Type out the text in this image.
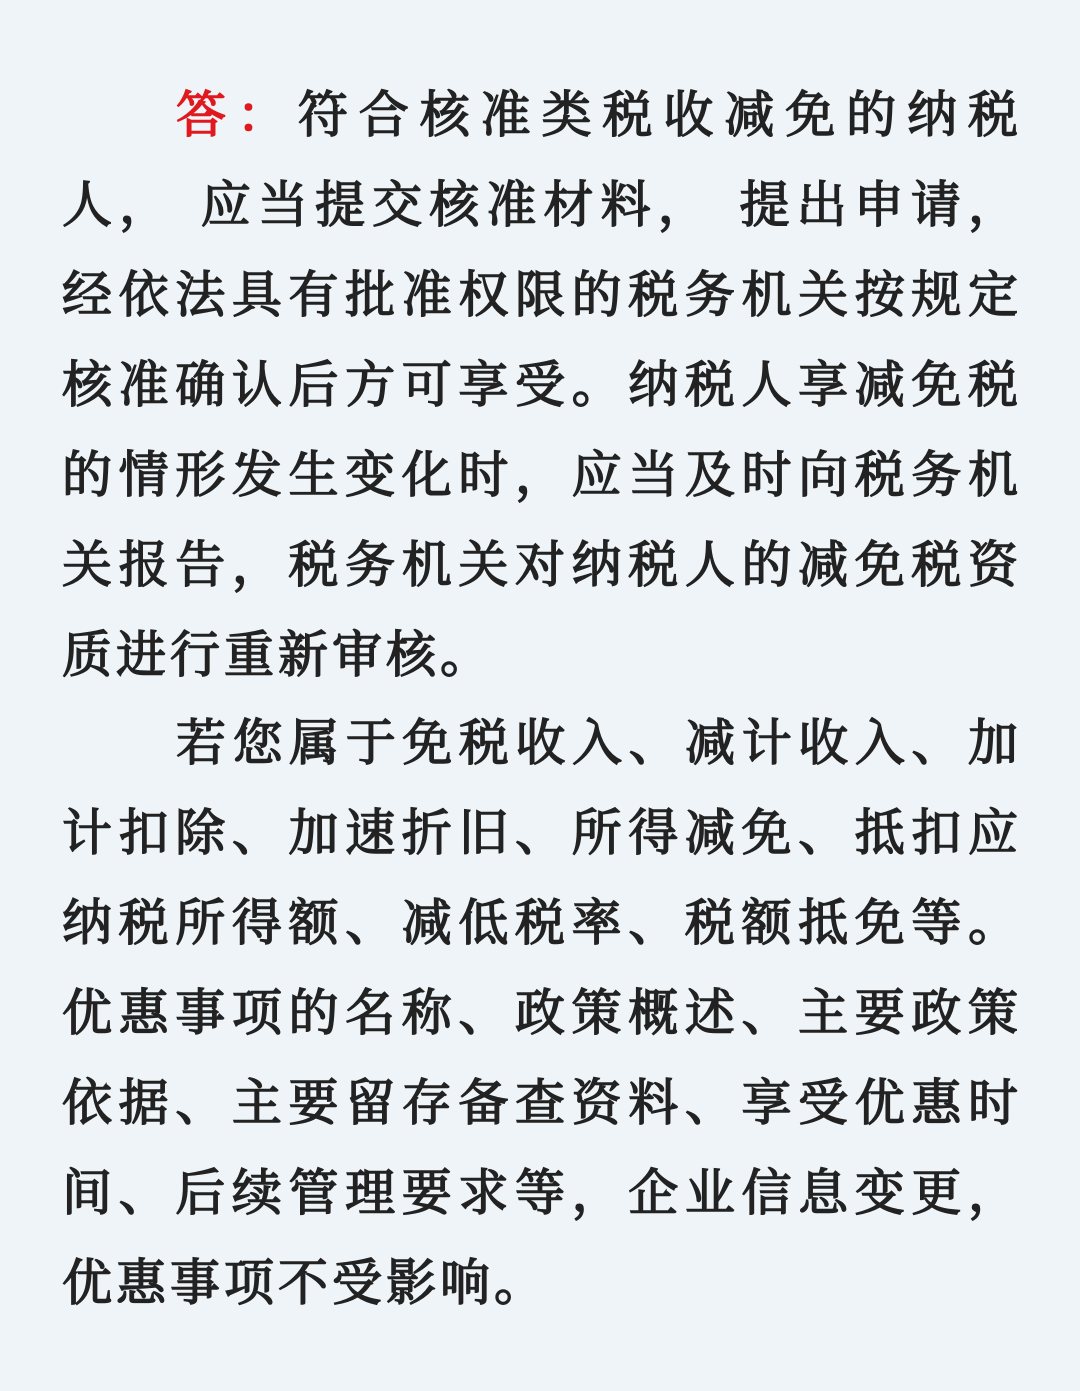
答：符合核准类税收减免的纳税
人， 应当提交核准材料， 提出申请，
经依法具有批准权限的税务机关按规定
核准确认后方可享受。纳税人享减免税
的情形发生变化时，应当及时向税务机
关报告，税务机关对纳税人的减免税资
质进行重新审核。
若您属于免税收入、减计收入、加
计扣除、加速折旧、所得减免、抵扣应
纳税所得额、减低税率、税额抵免等。
优惠事项的名称、政策概述、主要政策
依据、主要留存备查资料、享受优惠时
间、后续管理要求等，企业信息变更，
优惠事项不受影响。
